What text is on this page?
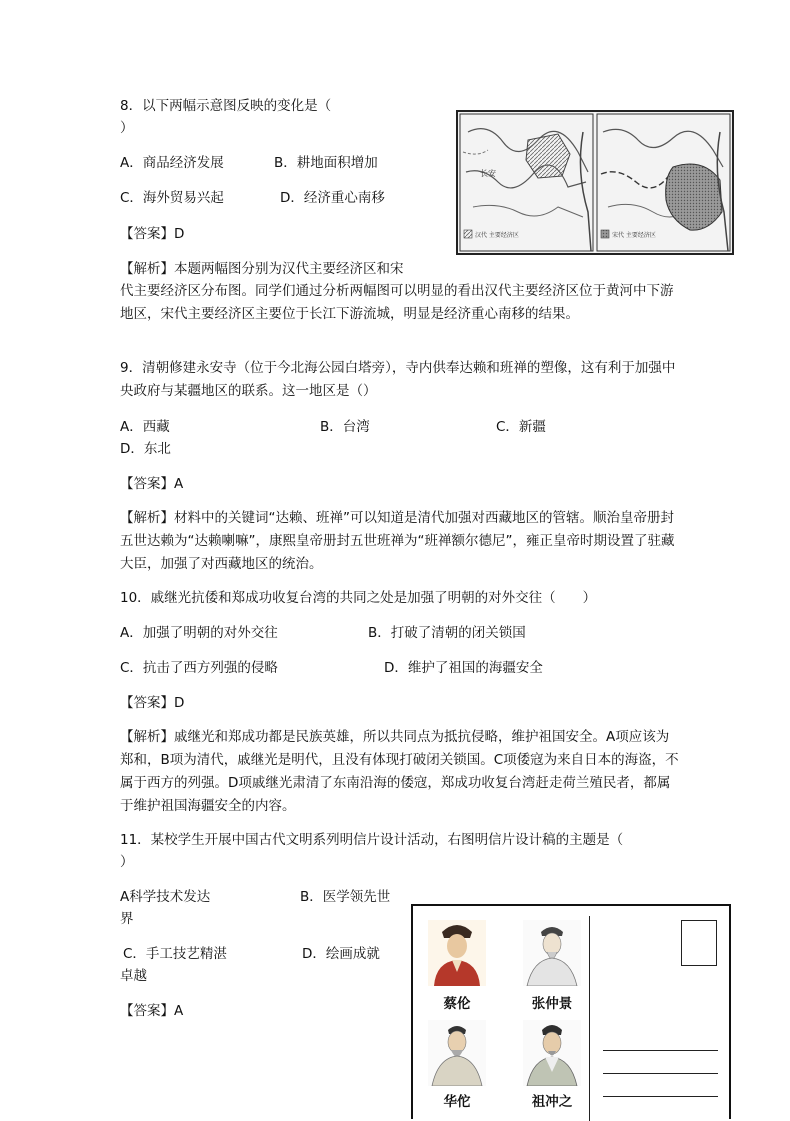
8．以下两幅示意图反映的变化是（
）
A．商品经济发展	B．耕地面积增加
C．海外贸易兴起	D．经济重心南移
【答案】D
【解析】本题两幅图分别为汉代主要经济区和宋
代主要经济区分布图。同学们通过分析两幅图可以明显的看出汉代主要经济区位于黄河中下游地区，宋代主要经济区主要位于长江下游流城，明显是经济重心南移的结果。
长安
汉代 主要经济区	宋代 主要经济区
9．清朝修建永安寺（位于今北海公园白塔旁），寺内供奉达赖和班禅的塑像，这有利于加强中央政府与某疆地区的联系。这一地区是（）
A．西藏	B．台湾	C．新疆
D．东北
【答案】A
【解析】材料中的关键词“达赖、班禅”可以知道是清代加强对西藏地区的管辖。顺治皇帝册封五世达赖为“达赖喇嘛”，康熙皇帝册封五世班禅为“班禅额尔德尼”，雍正皇帝时期设置了驻藏大臣，加强了对西藏地区的统治。
10．戚继光抗倭和郑成功收复台湾的共同之处是加强了明朝的对外交往（　　）
A．加强了明朝的对外交往	B．打破了清朝的闭关锁国
C．抗击了西方列强的侵略	D．维护了祖国的海疆安全
【答案】D
【解析】戚继光和郑成功都是民族英雄，所以共同点为抵抗侵略，维护祖国安全。A项应该为郑和，B项为清代，戚继光是明代，且没有体现打破闭关锁国。C项倭寇为来自日本的海盗，不属于西方的列强。D项戚继光肃清了东南沿海的倭寇，郑成功收复台湾赶走荷兰殖民者，都属于维护祖国海疆安全的内容。
11．某校学生开展中国古代文明系列明信片设计活动，右图明信片设计稿的主题是（
）
A科学技术发达	B．医学领先世
界
C．手工技艺精湛	D．绘画成就
卓越
【答案】A	蔡伦	张仲景
华佗	祖冲之
